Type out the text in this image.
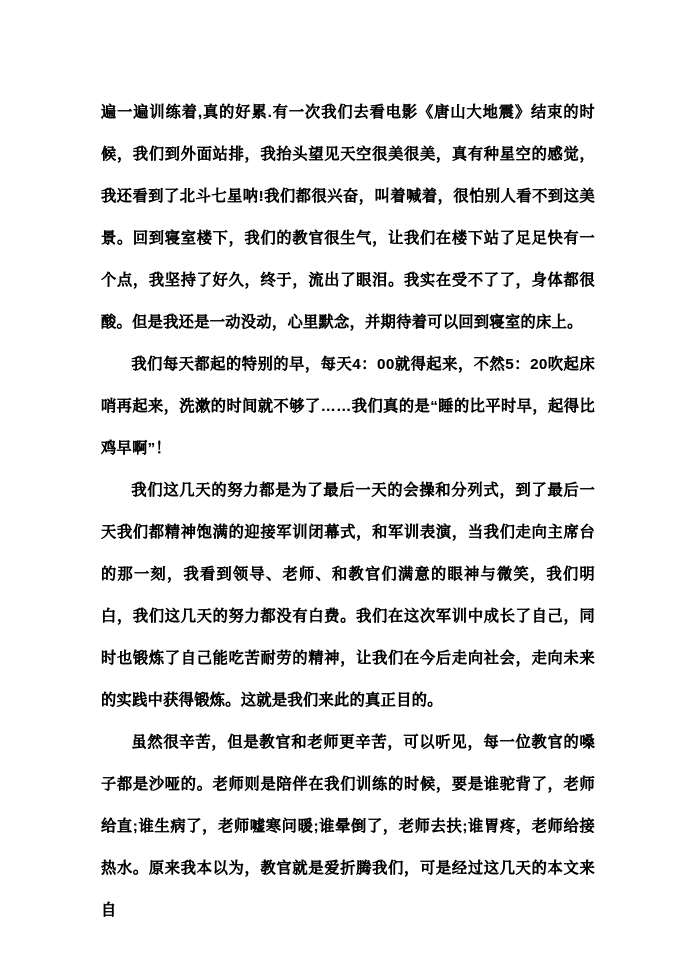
遍一遍训练着,真的好累.有一次我们去看电影《唐山大地震》结束的时候，我们到外面站排，我抬头望见天空很美很美，真有种星空的感觉，我还看到了北斗七星呐!我们都很兴奋，叫着喊着，很怕别人看不到这美景。回到寝室楼下，我们的教官很生气，让我们在楼下站了足足快有一个点，我坚持了好久，终于，流出了眼泪。我实在受不了了，身体都很酸。但是我还是一动没动，心里默念，并期待着可以回到寝室的床上。

我们每天都起的特别的早，每天4：00就得起来，不然5：20吹起床哨再起来，洗漱的时间就不够了……我们真的是“睡的比平时早，起得比鸡早啊”！

我们这几天的努力都是为了最后一天的会操和分列式，到了最后一天我们都精神饱满的迎接军训闭幕式，和军训表演，当我们走向主席台的那一刻，我看到领导、老师、和教官们满意的眼神与微笑，我们明白，我们这几天的努力都没有白费。我们在这次军训中成长了自己，同时也锻炼了自己能吃苦耐劳的精神，让我们在今后走向社会，走向未来的实践中获得锻炼。这就是我们来此的真正目的。

虽然很辛苦，但是教官和老师更辛苦，可以听见，每一位教官的嗓子都是沙哑的。老师则是陪伴在我们训练的时候，要是谁驼背了，老师给直;谁生病了，老师嘘寒问暖;谁晕倒了，老师去扶;谁胃疼，老师给接热水。原来我本以为，教官就是爱折腾我们，可是经过这几天的本文来自
